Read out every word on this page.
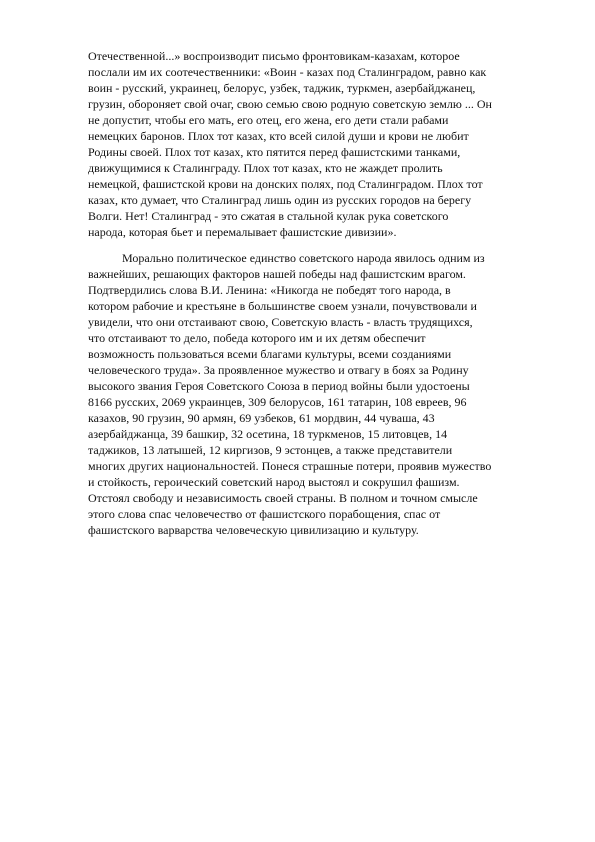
Отечественной...» воспроизводит письмо фронтовикам-казахам, которое
послали им их соотечественники: «Воин - казах под Сталинградом, равно как
воин - русский, украинец, белорус, узбек, таджик, туркмен, азербайджанец,
грузин, обороняет свой очаг, свою семью свою родную советскую землю ... Он
не допустит, чтобы его мать, его отец, его жена, его дети стали рабами
немецких баронов. Плох тот казах, кто всей силой души и крови не любит
Родины своей. Плох тот казах, кто пятится перед фашистскими танками,
движущимися к Сталинграду. Плох тот казах, кто не жаждет пролить
немецкой, фашистской крови на донских полях, под Сталинградом. Плох тот
казах, кто думает, что Сталинград лишь один из русских городов на берегу
Волги. Нет! Сталинград - это сжатая в стальной кулак рука советского
народа, которая бьет и перемалывает фашистские дивизии».
Морально политическое единство советского народа явилось одним из
важнейших, решающих факторов нашей победы над фашистским врагом.
Подтвердились слова В.И. Ленина: «Никогда не победят того народа, в
котором рабочие и крестьяне в большинстве своем узнали, почувствовали и
увидели, что они отстаивают свою, Советскую власть - власть трудящихся,
что отстаивают то дело, победа которого им и их детям обеспечит
возможность пользоваться всеми благами культуры, всеми созданиями
человеческого труда». За проявленное мужество и отвагу в боях за Родину
высокого звания Героя Советского Союза в период войны были удостоены
8166 русских, 2069 украинцев, 309 белорусов, 161 татарин, 108 евреев, 96
казахов, 90 грузин, 90 армян, 69 узбеков, 61 мордвин, 44 чуваша, 43
азербайджанца, 39 башкир, 32 осетина, 18 туркменов, 15 литовцев, 14
таджиков, 13 латышей, 12 киргизов, 9 эстонцев, а также представители
многих других национальностей. Понеся страшные потери, проявив мужество
и стойкость, героический советский народ выстоял и сокрушил фашизм.
Отстоял свободу и независимость своей страны. В полном и точном смысле
этого слова спас человечество от фашистского порабощения, спас от
фашистского варварства человеческую цивилизацию и культуру.
